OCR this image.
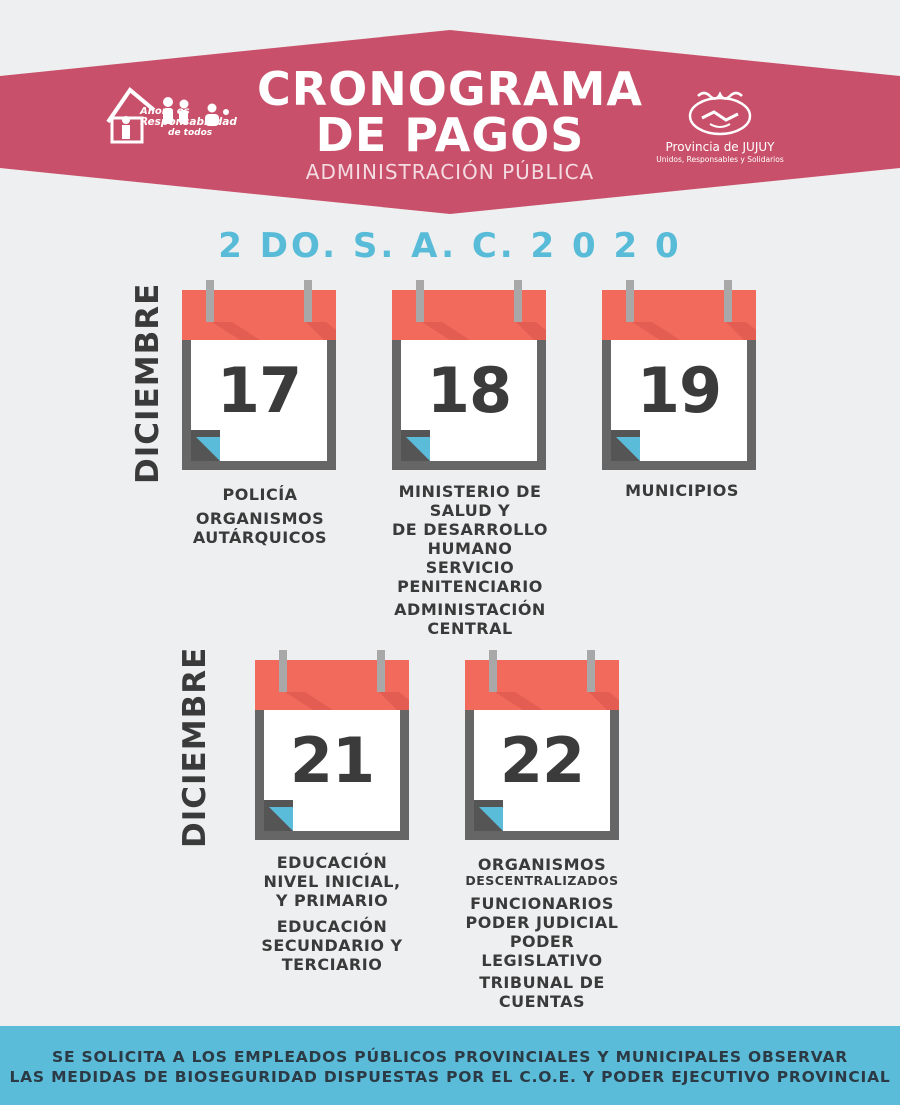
CRONOGRAMA
DE PAGOS
ADMINISTRACIÓN PÚBLICA
Ahora es
Responsabilidad
de todos
Provincia de JUJUY
Unidos, Responsables y Solidarios
2 DO. S. A. C. 2 0 2 0
DICIEMBRE
DICIEMBRE
17	18	19
21	22
POLICÍA
ORGANISMOS
AUTÁRQUICOS
MINISTERIO DE
SALUD Y
DE DESARROLLO
HUMANO
SERVICIO
PENITENCIARIO
ADMINISTACIÓN
CENTRAL
MUNICIPIOS
EDUCACIÓN
NIVEL INICIAL,
Y PRIMARIO
EDUCACIÓN
SECUNDARIO Y
TERCIARIO
ORGANISMOS
DESCENTRALIZADOS
FUNCIONARIOS
PODER JUDICIAL
PODER
LEGISLATIVO
TRIBUNAL DE
CUENTAS
SE SOLICITA A LOS EMPLEADOS PÚBLICOS PROVINCIALES Y MUNICIPALES OBSERVAR
LAS MEDIDAS DE BIOSEGURIDAD DISPUESTAS POR EL C.O.E. Y PODER EJECUTIVO PROVINCIAL
